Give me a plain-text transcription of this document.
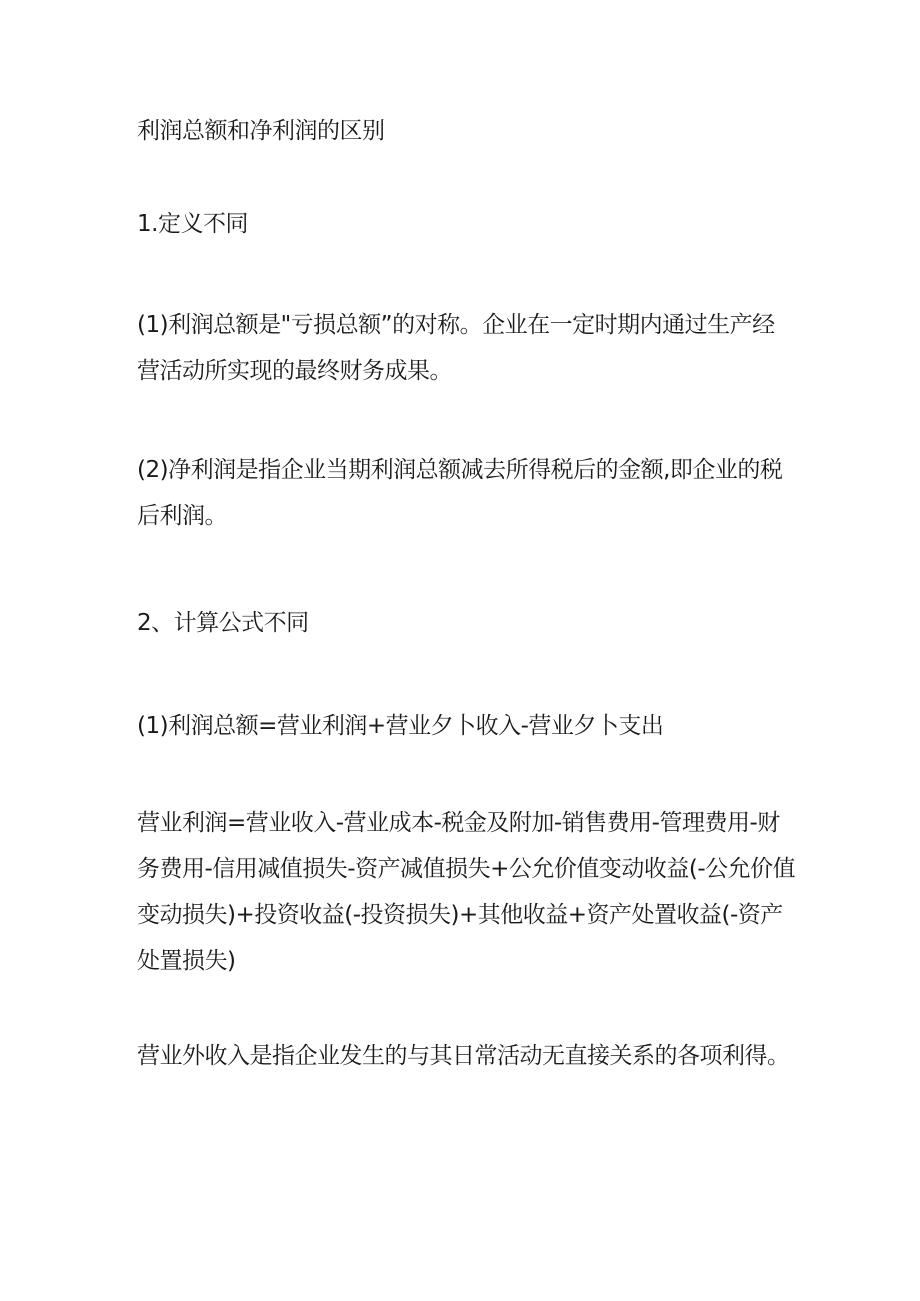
利润总额和净利润的区别

1.定义不同

(1)利润总额是"亏损总额”的对称。企业在一定时期内通过生产经营活动所实现的最终财务成果。

(2)净利润是指企业当期利润总额减去所得税后的金额,即企业的税后利润。

2、计算公式不同

(1)利润总额=营业利润+营业夕卜收入-营业夕卜支出

营业利润=营业收入-营业成本-税金及附加-销售费用-管理费用-财务费用-信用减值损失-资产减值损失+公允价值变动收益(-公允价值变动损失)+投资收益(-投资损失)+其他收益+资产处置收益(-资产处置损失)

营业外收入是指企业发生的与其日常活动无直接关系的各项利得。
